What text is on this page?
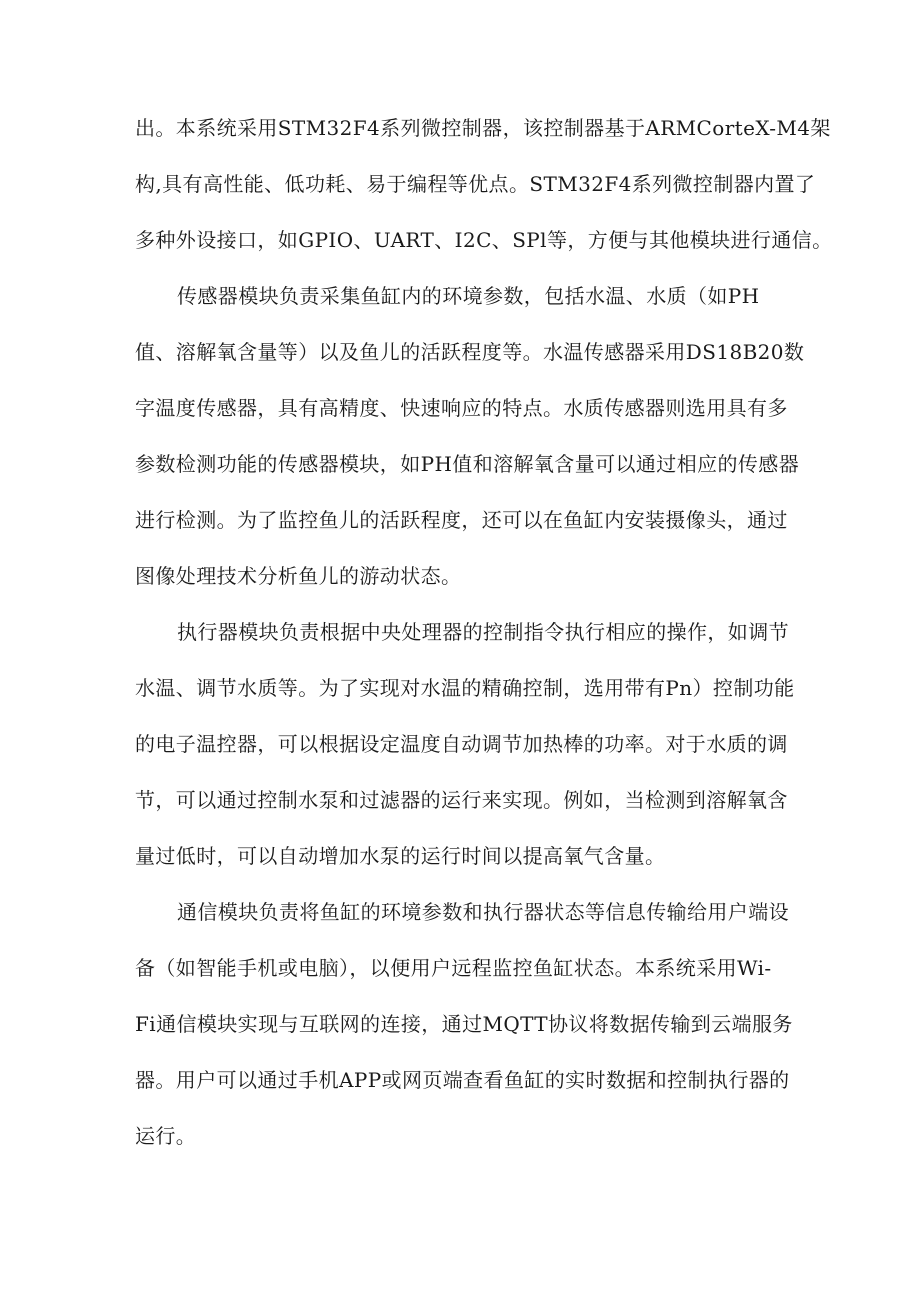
出。本系统采用STM32F4系列微控制器，该控制器基于ARMCorteX-M4架
构,具有高性能、低功耗、易于编程等优点。STM32F4系列微控制器内置了
多种外设接口，如GPIO、UART、I2C、SPl等，方便与其他模块进行通信。
传感器模块负责采集鱼缸内的环境参数，包括水温、水质（如PH
值、溶解氧含量等）以及鱼儿的活跃程度等。水温传感器采用DS18B20数
字温度传感器，具有高精度、快速响应的特点。水质传感器则选用具有多
参数检测功能的传感器模块，如PH值和溶解氧含量可以通过相应的传感器
进行检测。为了监控鱼儿的活跃程度，还可以在鱼缸内安装摄像头，通过
图像处理技术分析鱼儿的游动状态。
执行器模块负责根据中央处理器的控制指令执行相应的操作，如调节
水温、调节水质等。为了实现对水温的精确控制，选用带有Pn）控制功能
的电子温控器，可以根据设定温度自动调节加热棒的功率。对于水质的调
节，可以通过控制水泵和过滤器的运行来实现。例如，当检测到溶解氧含
量过低时，可以自动增加水泵的运行时间以提高氧气含量。
通信模块负责将鱼缸的环境参数和执行器状态等信息传输给用户端设
备（如智能手机或电脑），以便用户远程监控鱼缸状态。本系统采用Wi-
Fi通信模块实现与互联网的连接，通过MQTT协议将数据传输到云端服务
器。用户可以通过手机APP或网页端查看鱼缸的实时数据和控制执行器的
运行。
